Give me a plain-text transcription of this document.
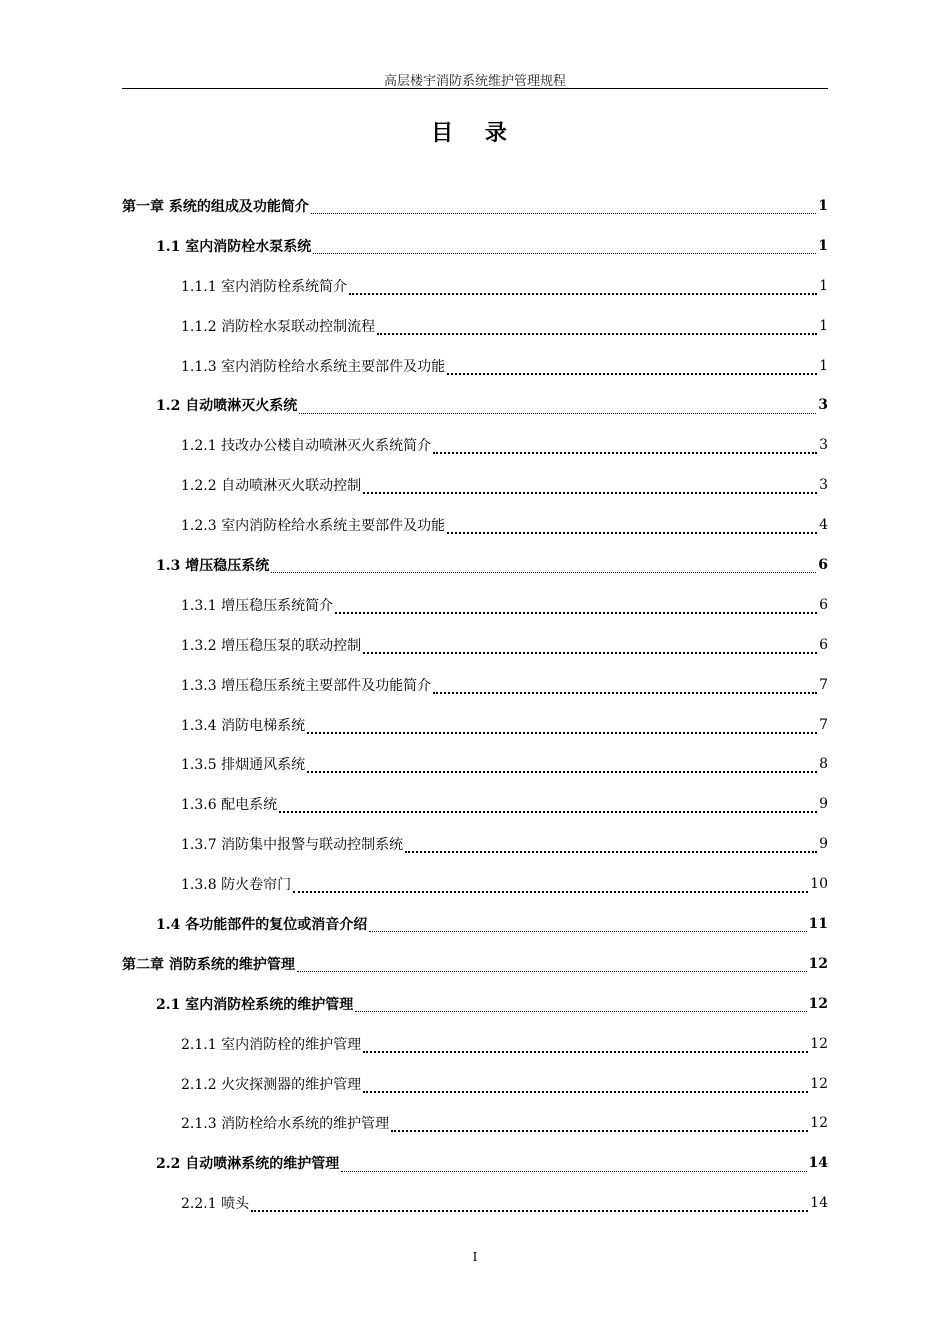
高层楼宇消防系统维护管理规程
目 录
第一章 系统的组成及功能简介	1
1.1 室内消防栓水泵系统	1
1.1.1 室内消防栓系统简介	1
1.1.2 消防栓水泵联动控制流程	1
1.1.3 室内消防栓给水系统主要部件及功能	1
1.2 自动喷淋灭火系统	3
1.2.1 技改办公楼自动喷淋灭火系统简介	3
1.2.2 自动喷淋灭火联动控制	3
1.2.3 室内消防栓给水系统主要部件及功能	4
1.3 增压稳压系统	6
1.3.1 增压稳压系统简介	6
1.3.2 增压稳压泵的联动控制	6
1.3.3 增压稳压系统主要部件及功能简介	7
1.3.4 消防电梯系统	7
1.3.5 排烟通风系统	8
1.3.6 配电系统	9
1.3.7 消防集中报警与联动控制系统	9
1.3.8 防火卷帘门	10
1.4 各功能部件的复位或消音介绍	11
第二章 消防系统的维护管理	12
2.1 室内消防栓系统的维护管理	12
2.1.1 室内消防栓的维护管理	12
2.1.2 火灾探测器的维护管理	12
2.1.3 消防栓给水系统的维护管理	12
2.2 自动喷淋系统的维护管理	14
2.2.1 喷头	14
I
